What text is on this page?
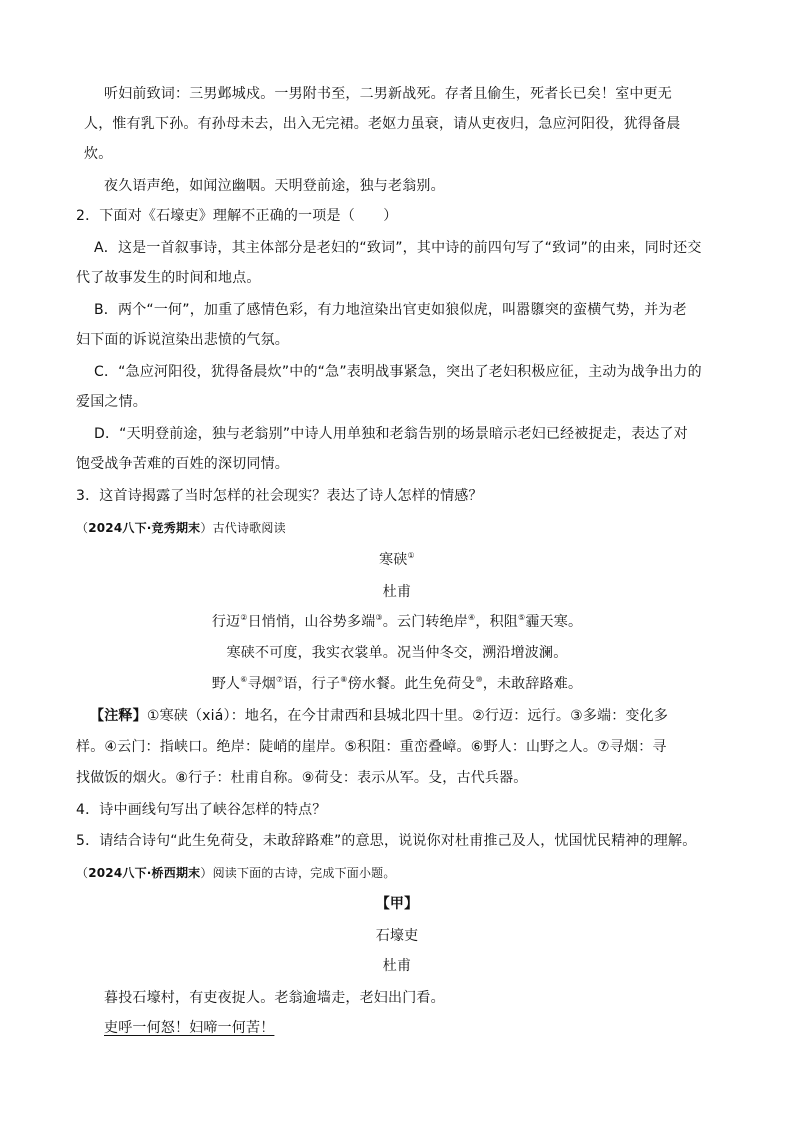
听妇前致词：三男邺城戍。一男附书至，二男新战死。存者且偷生，死者长已矣！室中更无
人，惟有乳下孙。有孙母未去，出入无完裙。老妪力虽衰，请从吏夜归，急应河阳役，犹得备晨
炊。
夜久语声绝，如闻泣幽咽。天明登前途，独与老翁别。
2．下面对《石壕吏》理解不正确的一项是（　　）
A．这是一首叙事诗，其主体部分是老妇的“致词”，其中诗的前四句写了“致词”的由来，同时还交
代了故事发生的时间和地点。
B．两个“一何”，加重了感情色彩，有力地渲染出官吏如狼似虎，叫嚣隳突的蛮横气势，并为老
妇下面的诉说渲染出悲愤的气氛。
C．“急应河阳役，犹得备晨炊”中的“急”表明战事紧急，突出了老妇积极应征，主动为战争出力的
爱国之情。
D．“天明登前途，独与老翁别”中诗人用单独和老翁告别的场景暗示老妇已经被捉走，表达了对
饱受战争苦难的百姓的深切同情。
3．这首诗揭露了当时怎样的社会现实？表达了诗人怎样的情感？
（2024八下·竞秀期末）古代诗歌阅读
寒硖①
杜甫
行迈②日悄悄，山谷势多端③。云门转绝岸④，积阻⑤霾天寒。
寒硖不可度，我实衣裳单。况当仲冬交，溯沿增波澜。
野人⑥寻烟⑦语，行子⑧傍水餐。此生免荷殳⑩，未敢辞路难。
【注释】①寒硖（xiá）：地名，在今甘肃西和县城北四十里。②行迈：远行。③多端：变化多
样。④云门：指峡口。绝岸：陡峭的崖岸。⑤积阻：重峦叠嶂。⑥野人：山野之人。⑦寻烟：寻
找做饭的烟火。⑧行子：杜甫自称。⑨荷殳：表示从军。殳，古代兵器。
4．诗中画线句写出了峡谷怎样的特点？
5．请结合诗句“此生免荷殳，未敢辞路难”的意思，说说你对杜甫推己及人，忧国忧民精神的理解。
（2024八下·桥西期末）阅读下面的古诗，完成下面小题。
【甲】
石壕吏
杜甫
暮投石壕村，有吏夜捉人。老翁逾墙走，老妇出门看。
吏呼一何怒！妇啼一何苦！
